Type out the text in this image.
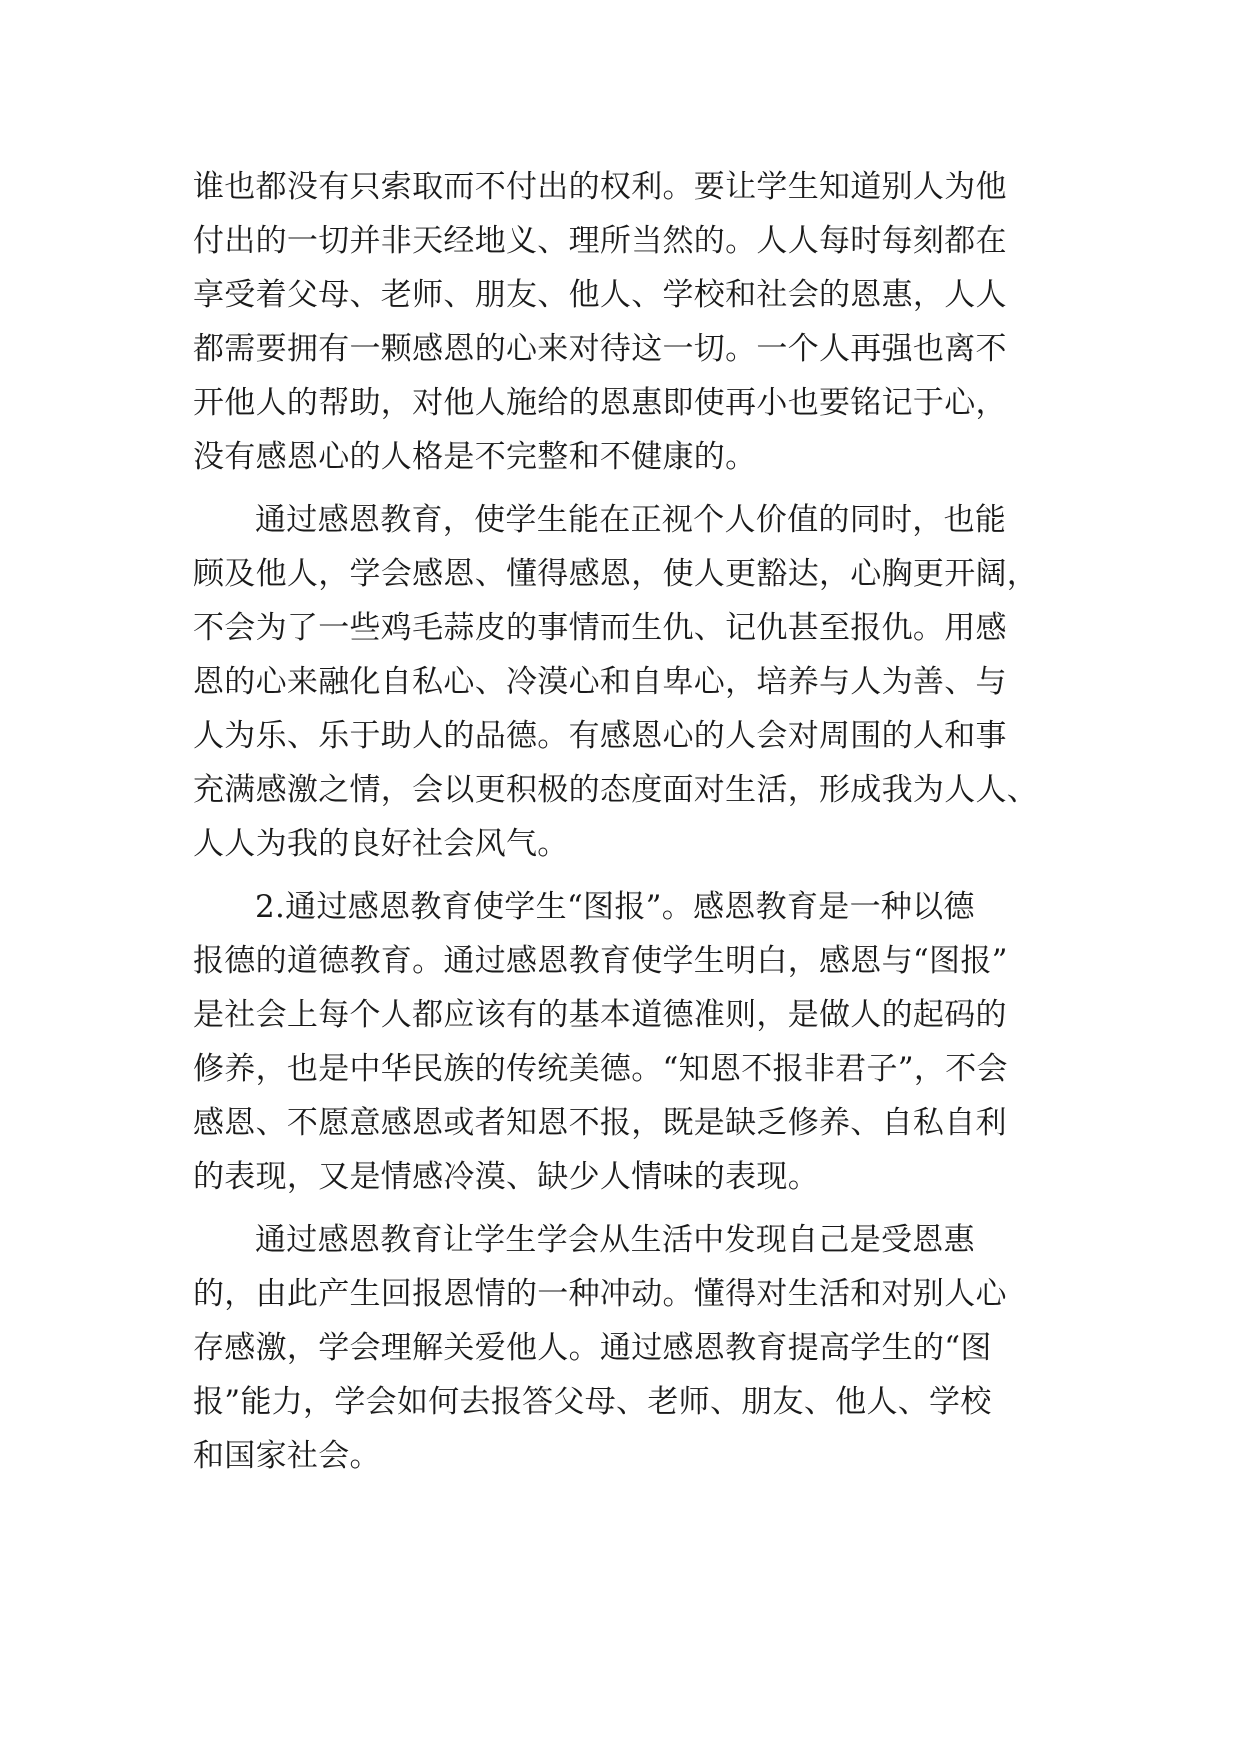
谁也都没有只索取而不付出的权利。要让学生知道别人为他
付出的一切并非天经地义、理所当然的。人人每时每刻都在
享受着父母、老师、朋友、他人、学校和社会的恩惠，人人
都需要拥有一颗感恩的心来对待这一切。一个人再强也离不
开他人的帮助，对他人施给的恩惠即使再小也要铭记于心，
没有感恩心的人格是不完整和不健康的。

通过感恩教育，使学生能在正视个人价值的同时，也能
顾及他人，学会感恩、懂得感恩，使人更豁达，心胸更开阔，
不会为了一些鸡毛蒜皮的事情而生仇、记仇甚至报仇。用感
恩的心来融化自私心、冷漠心和自卑心，培养与人为善、与
人为乐、乐于助人的品德。有感恩心的人会对周围的人和事
充满感激之情，会以更积极的态度面对生活，形成我为人人、
人人为我的良好社会风气。

2.通过感恩教育使学生“图报”。感恩教育是一种以德
报德的道德教育。通过感恩教育使学生明白，感恩与“图报”
是社会上每个人都应该有的基本道德准则，是做人的起码的
修养，也是中华民族的传统美德。“知恩不报非君子”，不会
感恩、不愿意感恩或者知恩不报，既是缺乏修养、自私自利
的表现，又是情感冷漠、缺少人情味的表现。

通过感恩教育让学生学会从生活中发现自己是受恩惠
的，由此产生回报恩情的一种冲动。懂得对生活和对别人心
存感激，学会理解关爱他人。通过感恩教育提高学生的“图
报”能力，学会如何去报答父母、老师、朋友、他人、学校
和国家社会。
